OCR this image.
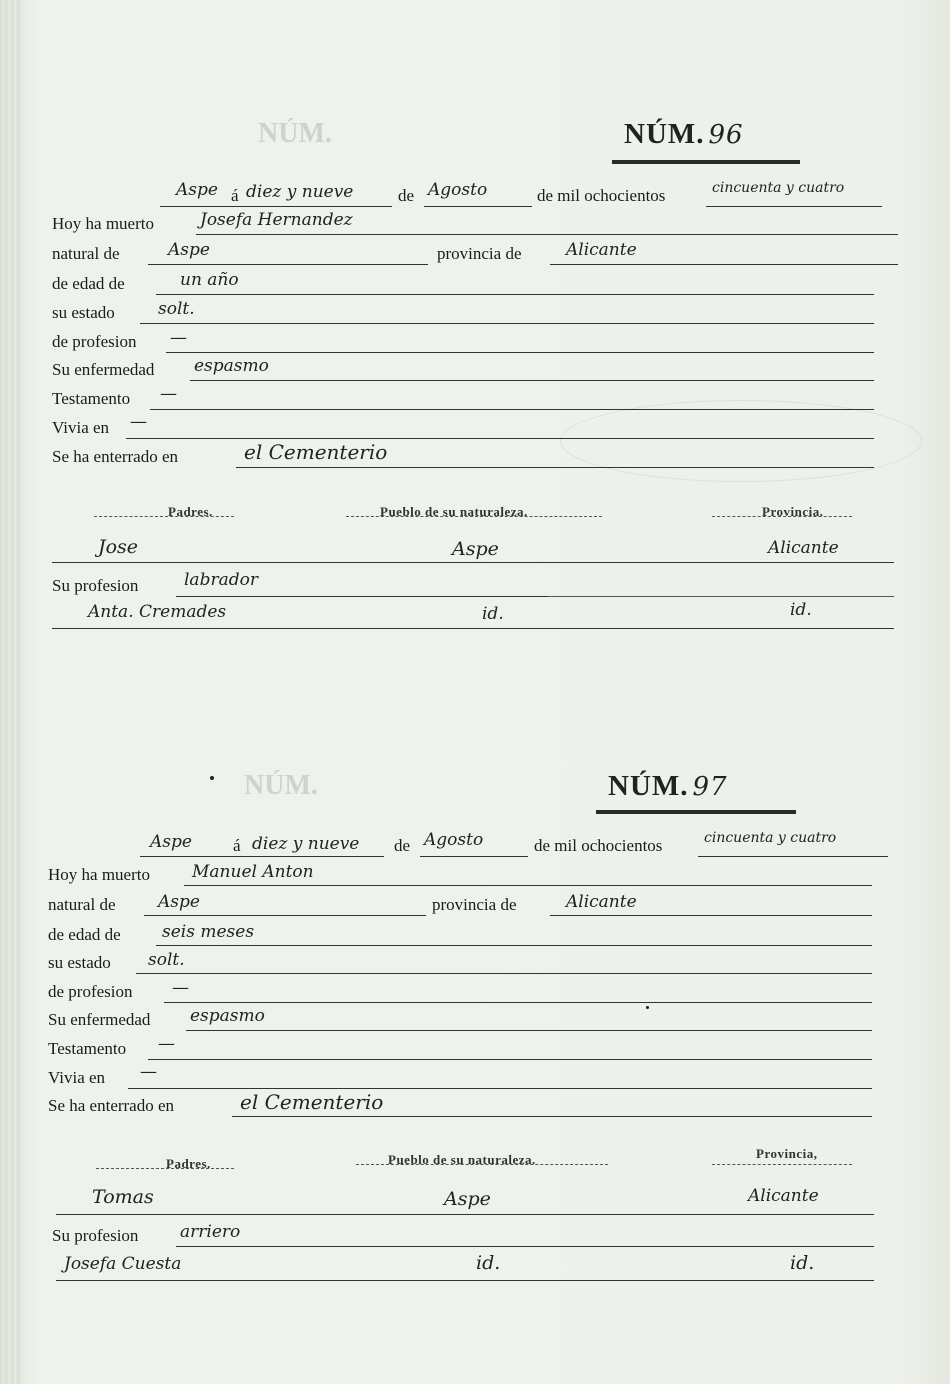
NÚM.	NÚM. 96
Aspe á diez y nueve	de Agosto	de mil ochocientos	cincuenta y cuatro
Hoy ha muerto	Josefa Hernandez
natural de	Aspe	provincia de	Alicante
de edad de	un año
su estado	solt.
de profesion —
Su enfermedad espasmo
Testamento —
Vivia en —
Se ha enterrado en	el Cementerio
Padres.	Pueblo de su naturaleza.	Provincia.
Jose	Aspe	Alicante
Su profesion	labrador
Anta. Cremades	id.	id.
NÚM.	NÚM. 97
Aspe á diez y nueve de Agosto	de mil ochocientos	cincuenta y cuatro
Hoy ha muerto Manuel Anton
natural de	Aspe	provincia de	Alicante
de edad de seis meses
su estado solt.
de profesion —
Su enfermedad espasmo
Testamento —
Vivia en —
Se ha enterrado en	el Cementerio
Padres.	Pueblo de su naturaleza.	Provincia,
Tomas	Aspe	Alicante
Su profesion arriero
Josefa Cuesta	id.	id.
